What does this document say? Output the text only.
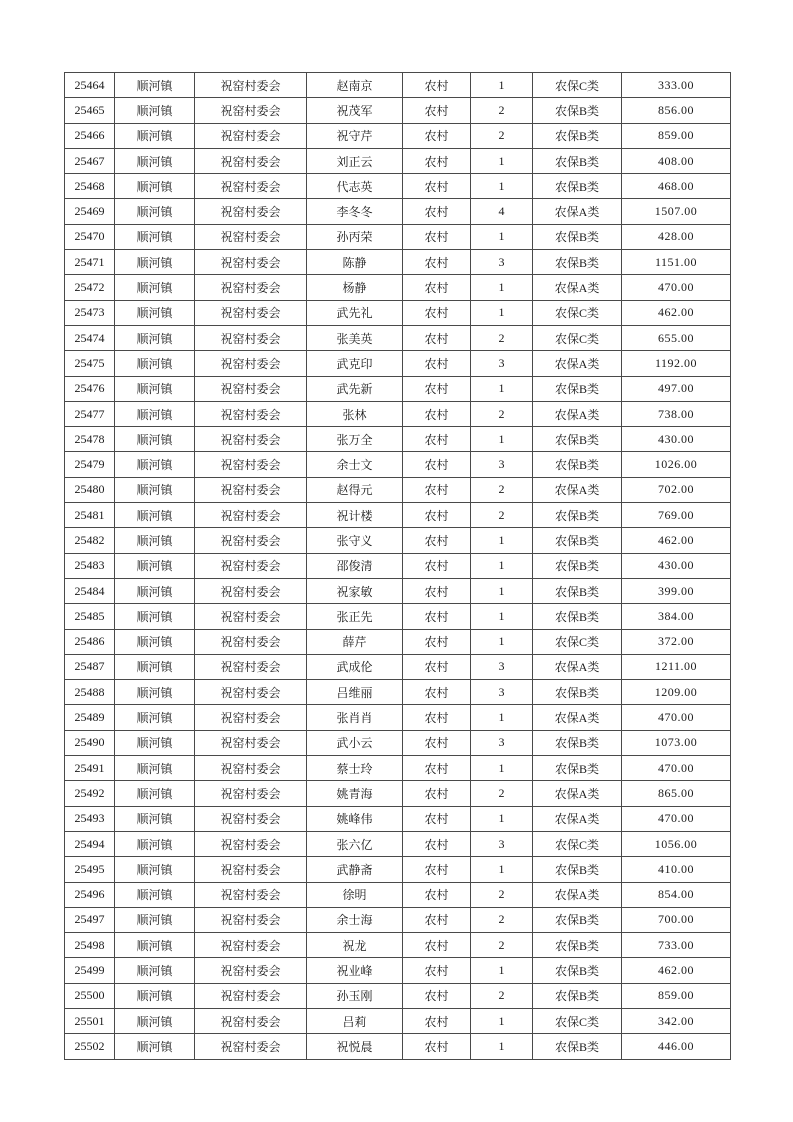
25464	顺河镇	祝窑村委会	赵南京	农村	1	农保C类	333.00
25465	顺河镇	祝窑村委会	祝茂军	农村	2	农保B类	856.00
25466	顺河镇	祝窑村委会	祝守芹	农村	2	农保B类	859.00
25467	顺河镇	祝窑村委会	刘正云	农村	1	农保B类	408.00
25468	顺河镇	祝窑村委会	代志英	农村	1	农保B类	468.00
25469	顺河镇	祝窑村委会	李冬冬	农村	4	农保A类	1507.00
25470	顺河镇	祝窑村委会	孙丙荣	农村	1	农保B类	428.00
25471	顺河镇	祝窑村委会	陈静	农村	3	农保B类	1151.00
25472	顺河镇	祝窑村委会	杨静	农村	1	农保A类	470.00
25473	顺河镇	祝窑村委会	武先礼	农村	1	农保C类	462.00
25474	顺河镇	祝窑村委会	张美英	农村	2	农保C类	655.00
25475	顺河镇	祝窑村委会	武克印	农村	3	农保A类	1192.00
25476	顺河镇	祝窑村委会	武先新	农村	1	农保B类	497.00
25477	顺河镇	祝窑村委会	张林	农村	2	农保A类	738.00
25478	顺河镇	祝窑村委会	张万全	农村	1	农保B类	430.00
25479	顺河镇	祝窑村委会	余士文	农村	3	农保B类	1026.00
25480	顺河镇	祝窑村委会	赵得元	农村	2	农保A类	702.00
25481	顺河镇	祝窑村委会	祝计楼	农村	2	农保B类	769.00
25482	顺河镇	祝窑村委会	张守义	农村	1	农保B类	462.00
25483	顺河镇	祝窑村委会	邵俊清	农村	1	农保B类	430.00
25484	顺河镇	祝窑村委会	祝家敏	农村	1	农保B类	399.00
25485	顺河镇	祝窑村委会	张正先	农村	1	农保B类	384.00
25486	顺河镇	祝窑村委会	薛芹	农村	1	农保C类	372.00
25487	顺河镇	祝窑村委会	武成伦	农村	3	农保A类	1211.00
25488	顺河镇	祝窑村委会	吕维丽	农村	3	农保B类	1209.00
25489	顺河镇	祝窑村委会	张肖肖	农村	1	农保A类	470.00
25490	顺河镇	祝窑村委会	武小云	农村	3	农保B类	1073.00
25491	顺河镇	祝窑村委会	蔡士玲	农村	1	农保B类	470.00
25492	顺河镇	祝窑村委会	姚青海	农村	2	农保A类	865.00
25493	顺河镇	祝窑村委会	姚峰伟	农村	1	农保A类	470.00
25494	顺河镇	祝窑村委会	张六亿	农村	3	农保C类	1056.00
25495	顺河镇	祝窑村委会	武静斋	农村	1	农保B类	410.00
25496	顺河镇	祝窑村委会	徐明	农村	2	农保A类	854.00
25497	顺河镇	祝窑村委会	余士海	农村	2	农保B类	700.00
25498	顺河镇	祝窑村委会	祝龙	农村	2	农保B类	733.00
25499	顺河镇	祝窑村委会	祝业峰	农村	1	农保B类	462.00
25500	顺河镇	祝窑村委会	孙玉刚	农村	2	农保B类	859.00
25501	顺河镇	祝窑村委会	吕莉	农村	1	农保C类	342.00
25502	顺河镇	祝窑村委会	祝悦晨	农村	1	农保B类	446.00
